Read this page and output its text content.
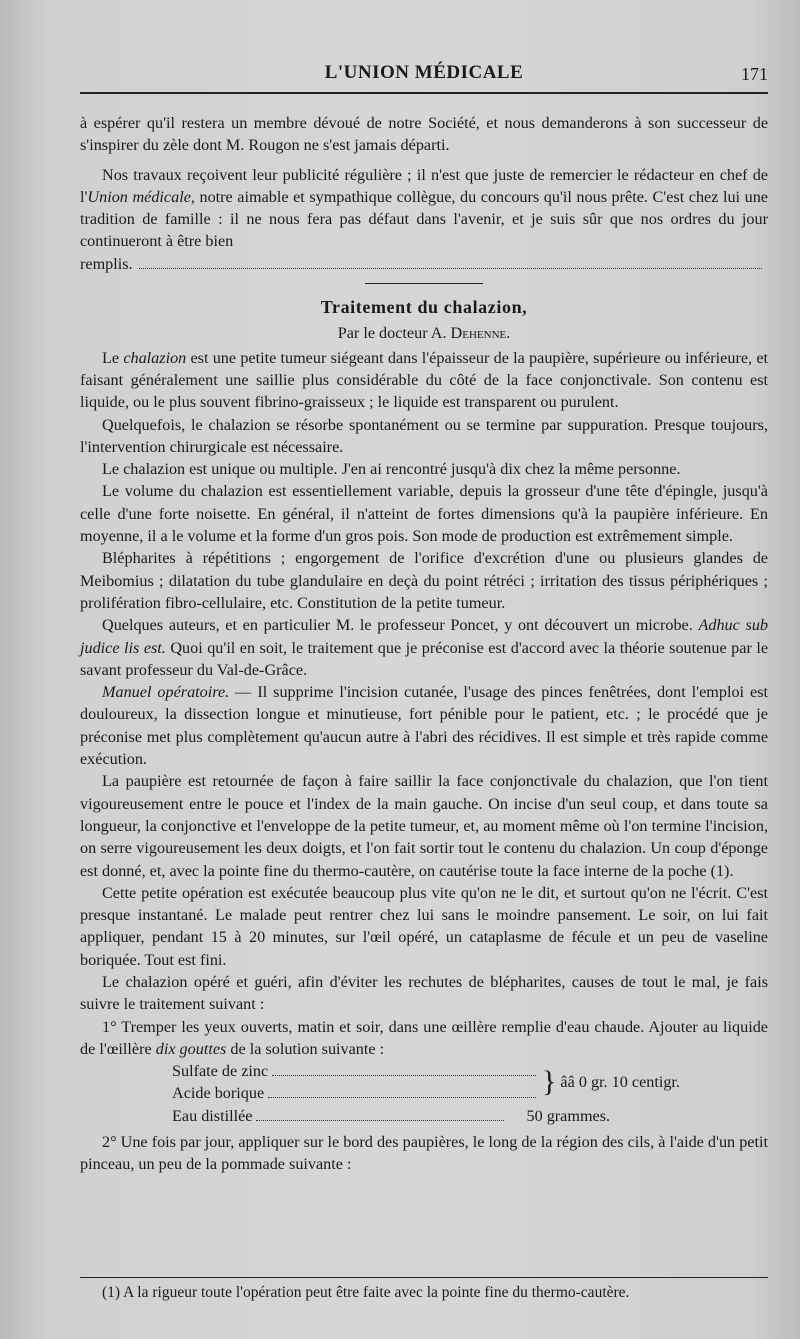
L'UNION MÉDICALE	171

à espérer qu'il restera un membre dévoué de notre Société, et nous demanderons à son successeur de s'inspirer du zèle dont M. Rougon ne s'est jamais départi.

Nos travaux reçoivent leur publicité régulière ; il n'est que juste de remercier le rédacteur en chef de l'Union médicale, notre aimable et sympathique collègue, du concours qu'il nous prête. C'est chez lui une tradition de famille : il ne nous fera pas défaut dans l'avenir, et je suis sûr que nos ordres du jour continueront à être bien

remplis.
Traitement du chalazion,
Par le docteur A. Dehenne.

Le chalazion est une petite tumeur siégeant dans l'épaisseur de la paupière, supérieure ou inférieure, et faisant généralement une saillie plus considérable du côté de la face conjonctivale. Son contenu est liquide, ou le plus souvent fibrino-graisseux ; le liquide est transparent ou purulent.

Quelquefois, le chalazion se résorbe spontanément ou se termine par suppuration. Presque toujours, l'intervention chirurgicale est nécessaire.

Le chalazion est unique ou multiple. J'en ai rencontré jusqu'à dix chez la même personne.

Le volume du chalazion est essentiellement variable, depuis la grosseur d'une tête d'épingle, jusqu'à celle d'une forte noisette. En général, il n'atteint de fortes dimensions qu'à la paupière inférieure. En moyenne, il a le volume et la forme d'un gros pois. Son mode de production est extrêmement simple.

Blépharites à répétitions ; engorgement de l'orifice d'excrétion d'une ou plusieurs glandes de Meibomius ; dilatation du tube glandulaire en deçà du point rétréci ; irritation des tissus périphériques ; prolifération fibro-cellulaire, etc. Constitution de la petite tumeur.

Quelques auteurs, et en particulier M. le professeur Poncet, y ont découvert un microbe. Adhuc sub judice lis est. Quoi qu'il en soit, le traitement que je préconise est d'accord avec la théorie soutenue par le savant professeur du Val-de-Grâce.

Manuel opératoire. — Il supprime l'incision cutanée, l'usage des pinces fenêtrées, dont l'emploi est douloureux, la dissection longue et minutieuse, fort pénible pour le patient, etc. ; le procédé que je préconise met plus complètement qu'aucun autre à l'abri des récidives. Il est simple et très rapide comme exécution.

La paupière est retournée de façon à faire saillir la face conjonctivale du chalazion, que l'on tient vigoureusement entre le pouce et l'index de la main gauche. On incise d'un seul coup, et dans toute sa longueur, la conjonctive et l'enveloppe de la petite tumeur, et, au moment même où l'on termine l'incision, on serre vigoureusement les deux doigts, et l'on fait sortir tout le contenu du chalazion. Un coup d'éponge est donné, et, avec la pointe fine du thermo-cautère, on cautérise toute la face interne de la poche (1).

Cette petite opération est exécutée beaucoup plus vite qu'on ne le dit, et surtout qu'on ne l'écrit. C'est presque instantané. Le malade peut rentrer chez lui sans le moindre pansement. Le soir, on lui fait appliquer, pendant 15 à 20 minutes, sur l'œil opéré, un cataplasme de fécule et un peu de vaseline boriquée. Tout est fini.

Le chalazion opéré et guéri, afin d'éviter les rechutes de blépharites, causes de tout le mal, je fais suivre le traitement suivant :

1° Tremper les yeux ouverts, matin et soir, dans une œillère remplie d'eau chaude. Ajouter au liquide de l'œillère dix gouttes de la solution suivante :

Sulfate de zinc
Acide borique	} ââ 0 gr. 10 centigr.
Eau distillée	50 grammes.

2° Une fois par jour, appliquer sur le bord des paupières, le long de la région des cils, à l'aide d'un petit pinceau, un peu de la pommade suivante :

(1) A la rigueur toute l'opération peut être faite avec la pointe fine du thermo-cautère.
